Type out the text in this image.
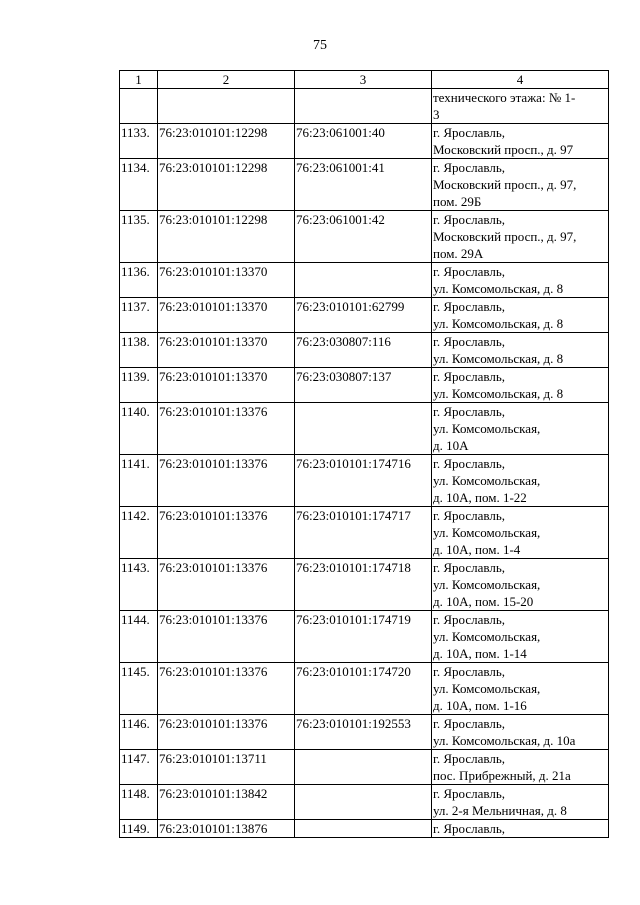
75
1	2	3	4

			технического этажа: № 1-
3

1133.	76:23:010101:12298	76:23:061001:40	г. Ярославль,
Московский просп., д. 97

1134.	76:23:010101:12298	76:23:061001:41	г. Ярославль,
Московский просп., д. 97,
пом. 29Б

1135.	76:23:010101:12298	76:23:061001:42	г. Ярославль,
Московский просп., д. 97,
пом. 29А

1136.	76:23:010101:13370		г. Ярославль,
ул. Комсомольская, д. 8

1137.	76:23:010101:13370	76:23:010101:62799	г. Ярославль,
ул. Комсомольская, д. 8

1138.	76:23:010101:13370	76:23:030807:116	г. Ярославль,
ул. Комсомольская, д. 8

1139.	76:23:010101:13370	76:23:030807:137	г. Ярославль,
ул. Комсомольская, д. 8

1140.	76:23:010101:13376		г. Ярославль,
ул. Комсомольская,
д. 10А

1141.	76:23:010101:13376	76:23:010101:174716	г. Ярославль,
ул. Комсомольская,
д. 10А, пом. 1-22

1142.	76:23:010101:13376	76:23:010101:174717	г. Ярославль,
ул. Комсомольская,
д. 10А, пом. 1-4

1143.	76:23:010101:13376	76:23:010101:174718	г. Ярославль,
ул. Комсомольская,
д. 10А, пом. 15-20

1144.	76:23:010101:13376	76:23:010101:174719	г. Ярославль,
ул. Комсомольская,
д. 10А, пом. 1-14

1145.	76:23:010101:13376	76:23:010101:174720	г. Ярославль,
ул. Комсомольская,
д. 10А, пом. 1-16

1146.	76:23:010101:13376	76:23:010101:192553	г. Ярославль,
ул. Комсомольская, д. 10а

1147.	76:23:010101:13711		г. Ярославль,
пос. Прибрежный, д. 21а

1148.	76:23:010101:13842		г. Ярославль,
ул. 2-я Мельничная, д. 8

1149.	76:23:010101:13876		г. Ярославль,
